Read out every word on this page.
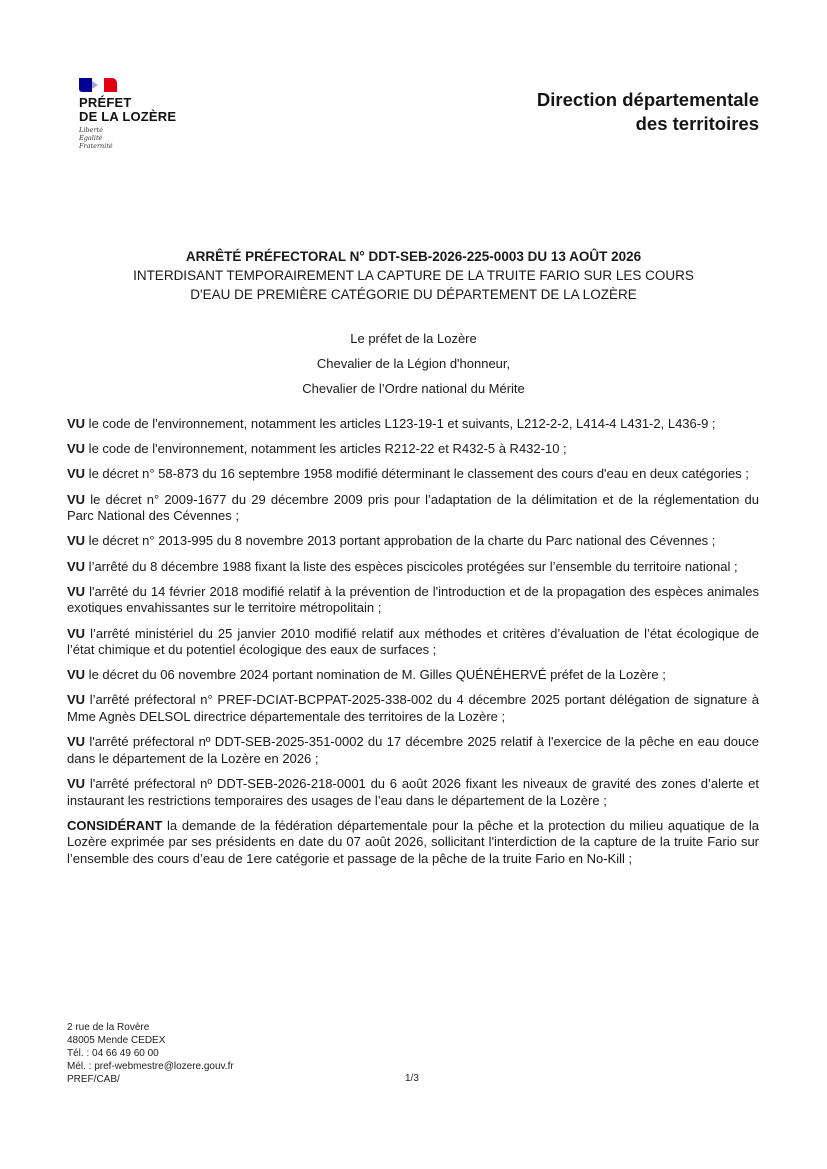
PRÉFET
DE LA LOZÈRE
Liberté
Égalité
Fraternité
Direction départementale
des territoires
ARRÊTÉ PRÉFECTORAL N° DDT-SEB-2026-225-0003 DU 13 AOÛT 2026
INTERDISANT TEMPORAIREMENT LA CAPTURE DE LA TRUITE FARIO SUR LES COURS
D'EAU DE PREMIÈRE CATÉGORIE DU DÉPARTEMENT DE LA LOZÈRE
Le préfet de la Lozère
Chevalier de la Légion d'honneur,
Chevalier de l’Ordre national du Mérite

VU le code de l'environnement, notamment les articles L123-19-1 et suivants, L212-2-2, L414-4 L431-2, L436-9 ;

VU le code de l'environnement, notamment les articles R212-22 et R432-5 à R432-10 ;

VU le décret n° 58-873 du 16 septembre 1958 modifié déterminant le classement des cours d'eau en deux catégories ;

VU le décret n° 2009-1677 du 29 décembre 2009 pris pour l’adaptation de la délimitation et de la réglementation du Parc National des Cévennes ;

VU le décret n° 2013-995 du 8 novembre 2013 portant approbation de la charte du Parc national des Cévennes ;

VU l’arrêté du 8 décembre 1988 fixant la liste des espèces piscicoles protégées sur l’ensemble du territoire national ;

VU l'arrêté du 14 février 2018 modifié relatif à la prévention de l'introduction et de la propagation des espèces animales exotiques envahissantes sur le territoire métropolitain ;

VU l’arrêté ministériel du 25 janvier 2010 modifié relatif aux méthodes et critères d’évaluation de l’état écologique de l’état chimique et du potentiel écologique des eaux de surfaces ;

VU le décret du 06 novembre 2024 portant nomination de M. Gilles QUÉNÉHERVÉ préfet de la Lozère ;

VU l’arrêté préfectoral n° PREF-DCIAT-BCPPAT-2025-338-002 du 4 décembre 2025 portant délégation de signature à Mme Agnès DELSOL directrice départementale des territoires de la Lozère ;

VU l'arrêté préfectoral nº DDT-SEB-2025-351-0002 du 17 décembre 2025 relatif à l'exercice de la pêche en eau douce dans le département de la Lozère en 2026 ;

VU l'arrêté préfectoral nº DDT-SEB-2026-218-0001 du 6 août 2026 fixant les niveaux de gravité des zones d’alerte et instaurant les restrictions temporaires des usages de l’eau dans le département de la Lozère ;

CONSIDÉRANT la demande de la fédération départementale pour la pêche et la protection du milieu aquatique de la Lozère exprimée par ses présidents en date du 07 août 2026, sollicitant l'interdiction de la capture de la truite Fario sur l’ensemble des cours d’eau de 1ere catégorie et passage de la pêche de la truite Fario en No-Kill ;

2 rue de la Rovère
48005 Mende CEDEX
Tél. : 04 66 49 60 00
Mél. : pref-webmestre@lozere.gouv.fr
PREF/CAB/	1/3
